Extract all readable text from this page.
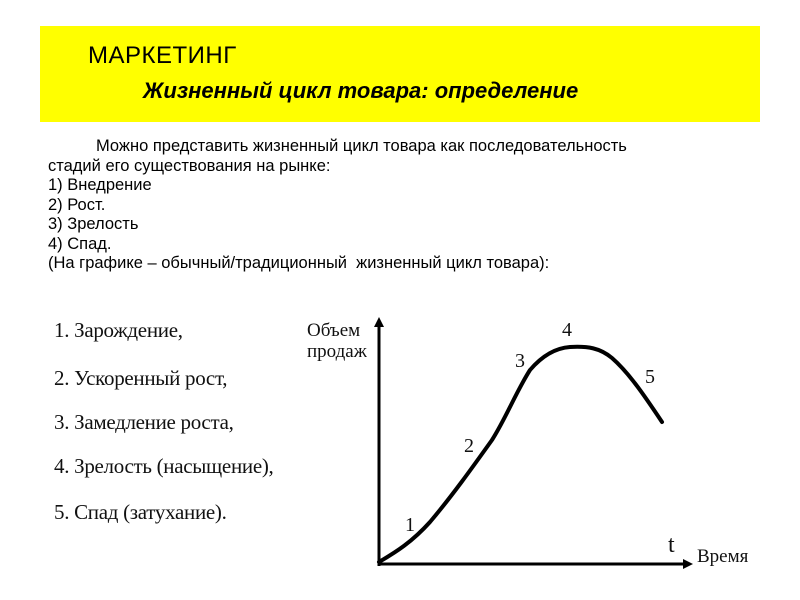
МАРКЕТИНГ
Жизненный цикл товара: определение
Можно представить жизненный цикл товара как последовательность
стадий его существования на рынке:
1) Внедрение
2) Рост.
3) Зрелость
4) Спад.
(На графике – обычный/традиционный  жизненный цикл товара):
1. Зарождение,
2. Ускоренный рост,
3. Замедление роста,
4. Зрелость (насыщение),
5. Спад (затухание).
Объем
продаж
t Время
1
2
3
4
5
